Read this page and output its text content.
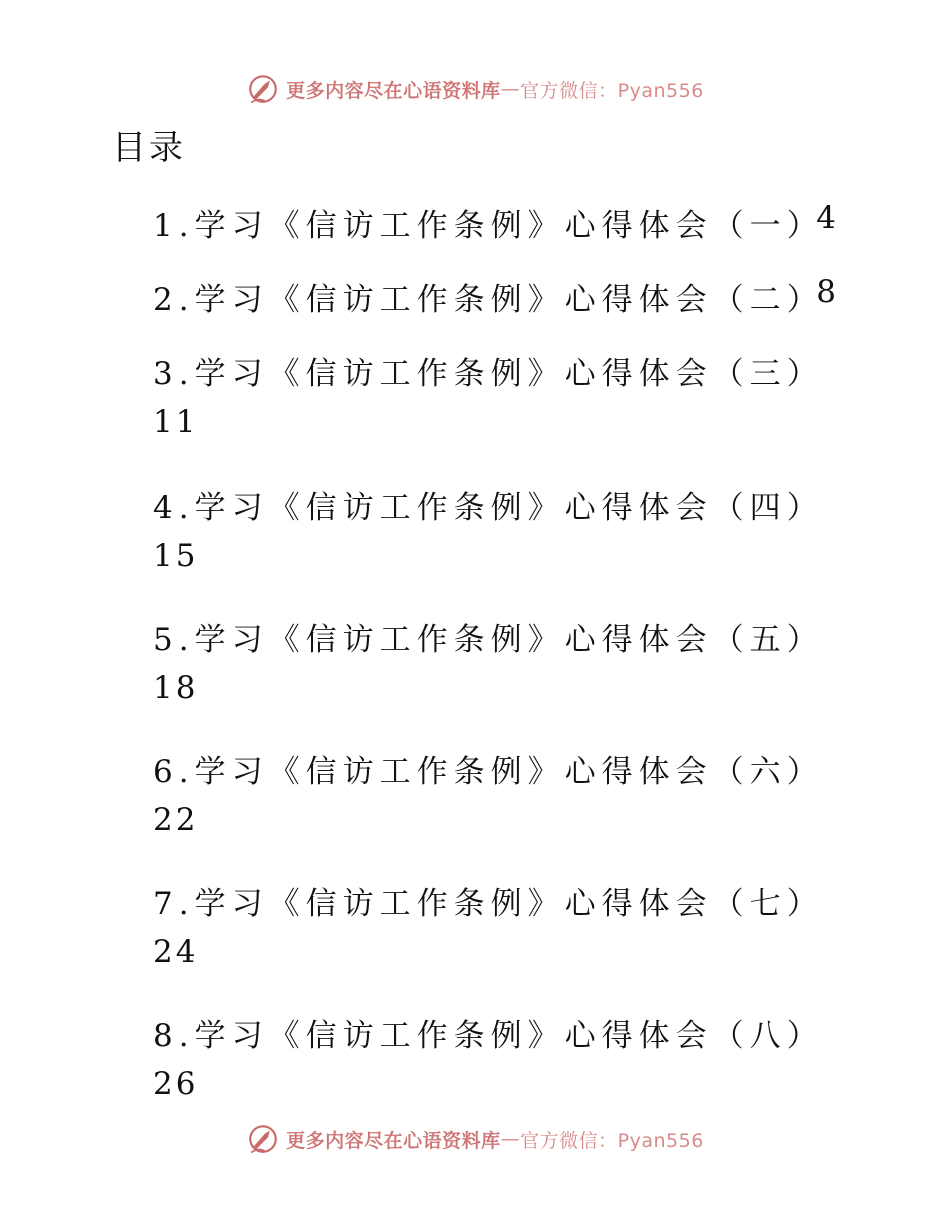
更多内容尽在心语资料库 — 官方微信：Pyan556
目录
1.学习《信访工作条例》心得体会（一）
4
2.学习《信访工作条例》心得体会（二）
8
3.学习《信访工作条例》心得体会（三）
11
4.学习《信访工作条例》心得体会（四）
15
5.学习《信访工作条例》心得体会（五）
18
6.学习《信访工作条例》心得体会（六）
22
7.学习《信访工作条例》心得体会（七）
24
8.学习《信访工作条例》心得体会（八）
26
更多内容尽在心语资料库 — 官方微信：Pyan556
